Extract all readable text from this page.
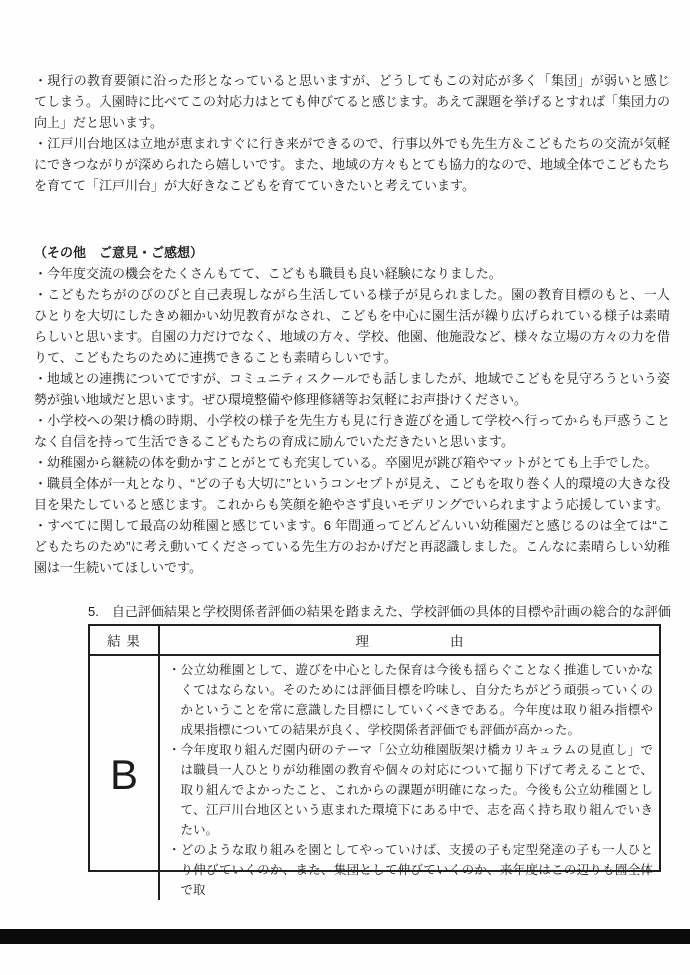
・現行の教育要領に沿った形となっていると思いますが、どうしてもこの対応が多く「集団」が弱いと感じてしまう。入園時に比べてこの対応力はとても伸びてると感じます。あえて課題を挙げるとすれば「集団力の向上」だと思います。

・江戸川台地区は立地が恵まれすぐに行き来ができるので、行事以外でも先生方＆こどもたちの交流が気軽にできつながりが深められたら嬉しいです。また、地域の方々もとても協力的なので、地域全体でこどもたちを育てて「江戸川台」が大好きなこどもを育てていきたいと考えています。

（その他　ご意見・ご感想）

・今年度交流の機会をたくさんもてて、こどもも職員も良い経験になりました。

・こどもたちがのびのびと自己表現しながら生活している様子が見られました。園の教育目標のもと、一人ひとりを大切にしたきめ細かい幼児教育がなされ、こどもを中心に園生活が繰り広げられている様子は素晴らしいと思います。自園の力だけでなく、地域の方々、学校、他園、他施設など、様々な立場の方々の力を借りて、こどもたちのために連携できることも素晴らしいです。

・地域との連携についてですが、コミュニティスクールでも話しましたが、地域でこどもを見守ろうという姿勢が強い地域だと思います。ぜひ環境整備や修理修繕等お気軽にお声掛けください。

・小学校への架け橋の時期、小学校の様子を先生方も見に行き遊びを通して学校へ行ってからも戸惑うことなく自信を持って生活できるこどもたちの育成に励んでいただきたいと思います。

・幼稚園から継続の体を動かすことがとても充実している。卒園児が跳び箱やマットがとても上手でした。

・職員全体が一丸となり、“どの子も大切に”というコンセプトが見え、こどもを取り巻く人的環境の大きな役目を果たしていると感じます。これからも笑顔を絶やさず良いモデリングでいられますよう応援しています。

・すべてに関して最高の幼稚園と感じています。6 年間通ってどんどんいい幼稚園だと感じるのは全ては“こどもたちのため”に考え動いてくださっている先生方のおかげだと再認識しました。こんなに素晴らしい幼稚園は一生続いてほしいです。

5.　自己評価結果と学校関係者評価の結果を踏まえた、学校評価の具体的目標や計画の総合的な評価
結 果	理　　　　　　由
B

・公立幼稚園として、遊びを中心とした保育は今後も揺らぐことなく推進していかなくてはならない。そのためには評価目標を吟味し、自分たちがどう頑張っていくのかということを常に意識した目標にしていくべきである。今年度は取り組み指標や成果指標についての結果が良く、学校関係者評価でも評価が高かった。

・今年度取り組んだ園内研のテーマ「公立幼稚園版架け橋カリキュラムの見直し」では職員一人ひとりが幼稚園の教育や個々の対応について掘り下げて考えることで、取り組んでよかったこと、これからの課題が明確になった。今後も公立幼稚園として、江戸川台地区という恵まれた環境下にある中で、志を高く持ち取り組んでいきたい。

・どのような取り組みを園としてやっていけば、支援の子も定型発達の子も一人ひとり伸びていくのか、また、集団として伸びていくのか、来年度はこの辺りも園全体で取
